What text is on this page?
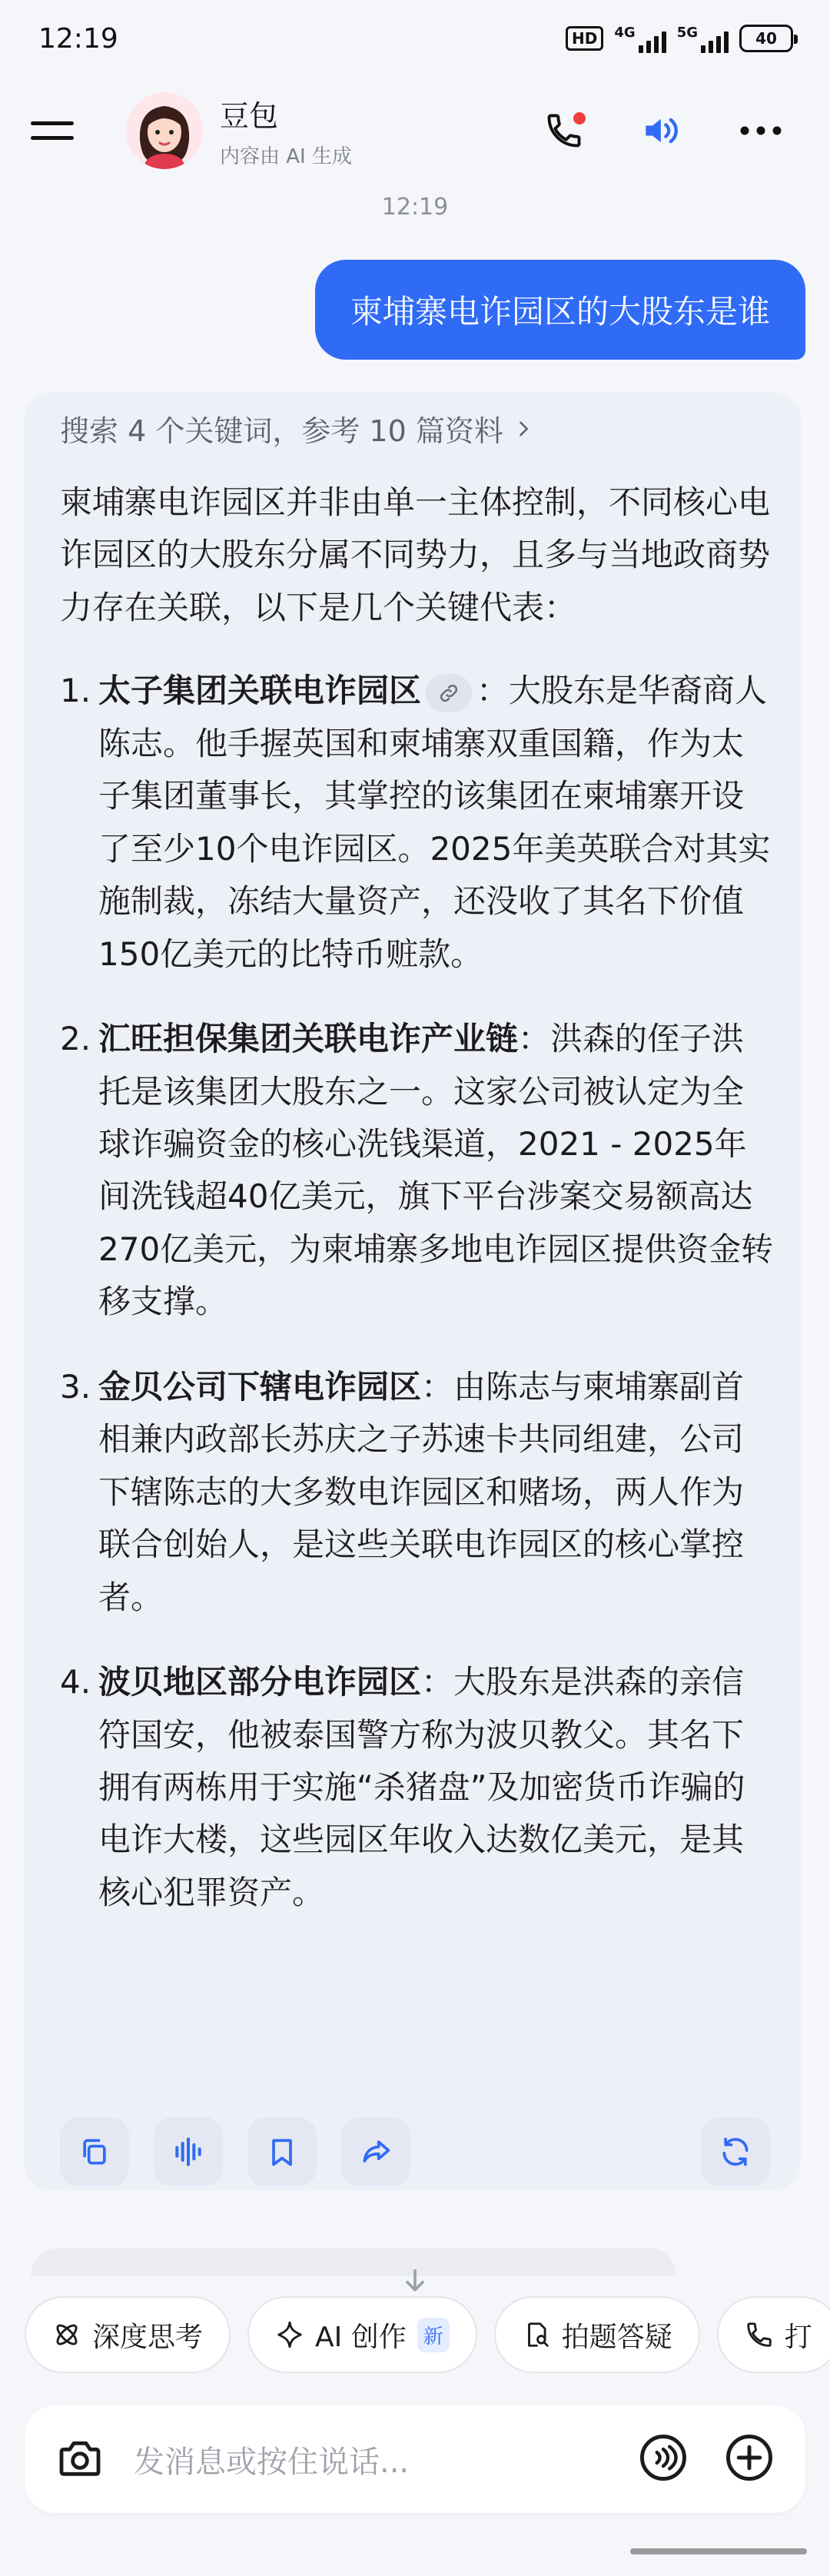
12:19	HD	4G	5G	40
豆包
内容由 AI 生成
12:19
柬埔寨电诈园区的大股东是谁
搜索 4 个关键词，参考 10 篇资料

柬埔寨电诈园区并非由单一主体控制，不同核心电诈园区的大股东分属不同势力，且多与当地政商势力存在关联，以下是几个关键代表：

1. 太子集团关联电诈园区 ：大股东是华裔商人陈志。他手握英国和柬埔寨双重国籍，作为太子集团董事长，其掌控的该集团在柬埔寨开设了至少10个电诈园区。2025年美英联合对其实施制裁，冻结大量资产，还没收了其名下价值150亿美元的比特币赃款。
2. 汇旺担保集团关联电诈产业链：洪森的侄子洪托是该集团大股东之一。这家公司被认定为全球诈骗资金的核心洗钱渠道，2021 - 2025年间洗钱超40亿美元，旗下平台涉案交易额高达270亿美元，为柬埔寨多地电诈园区提供资金转移支撑。
3. 金贝公司下辖电诈园区：由陈志与柬埔寨副首相兼内政部长苏庆之子苏速卡共同组建，公司下辖陈志的大多数电诈园区和赌场，两人作为联合创始人，是这些关联电诈园区的核心掌控者。
4. 波贝地区部分电诈园区：大股东是洪森的亲信符国安，他被泰国警方称为波贝教父。其名下拥有两栋用于实施“杀猪盘”及加密货币诈骗的电诈大楼，这些园区年收入达数亿美元，是其核心犯罪资产。
深度思考	AI 创作 新	拍题答疑	打
发消息或按住说话...
